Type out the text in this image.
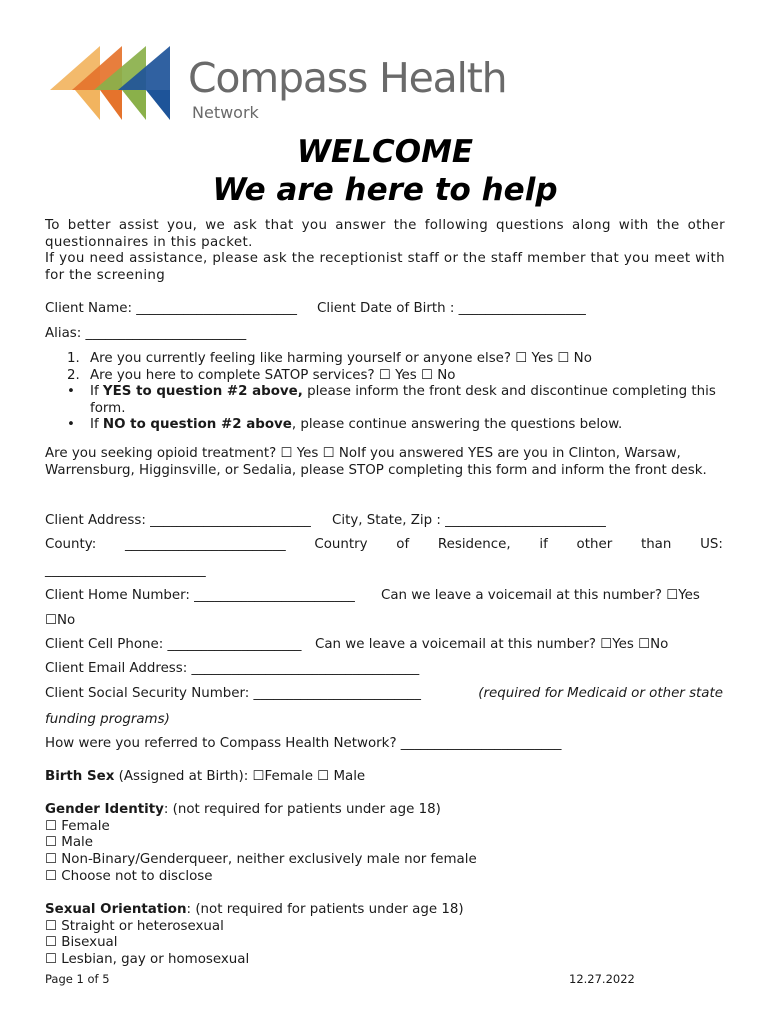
Compass Health
Network
WELCOME
We are here to help

To better assist you, we ask that you answer the following questions along with the other questionnaires in this packet.

If you need assistance, please ask the receptionist staff or the staff member that you meet with for the screening

Client Name: ________________________ Client Date of Birth : ___________________
Alias: ________________________
1. Are you currently feeling like harming yourself or anyone else? ☐ Yes ☐ No
2. Are you here to complete SATOP services? ☐ Yes ☐ No
• If YES to question #2 above, please inform the front desk and discontinue completing this form.
• If NO to question #2 above, please continue answering the questions below.
Are you seeking opioid treatment? ☐ Yes ☐ NoIf you answered YES are you in Clinton, Warsaw, Warrensburg, Higginsville, or Sedalia, please STOP completing this form and inform the front desk.
Client Address: ________________________ City, State, Zip : ________________________
County: ________________________ Country of Residence, if other than US:
________________________
Client Home Number: ________________________ Can we leave a voicemail at this number? ☐Yes
☐No
Client Cell Phone: ____________________ Can we leave a voicemail at this number? ☐Yes ☐No
Client Email Address: __________________________________
Client Social Security Number: _________________________	(required for Medicaid or other state
funding programs)
How were you referred to Compass Health Network? ________________________
Birth Sex (Assigned at Birth): ☐Female ☐ Male
Gender Identity: (not required for patients under age 18)
☐ Female
☐ Male
☐ Non-Binary/Genderqueer, neither exclusively male nor female
☐ Choose not to disclose
Sexual Orientation: (not required for patients under age 18)
☐ Straight or heterosexual
☐ Bisexual
☐ Lesbian, gay or homosexual
Page 1 of 5	12.27.2022
